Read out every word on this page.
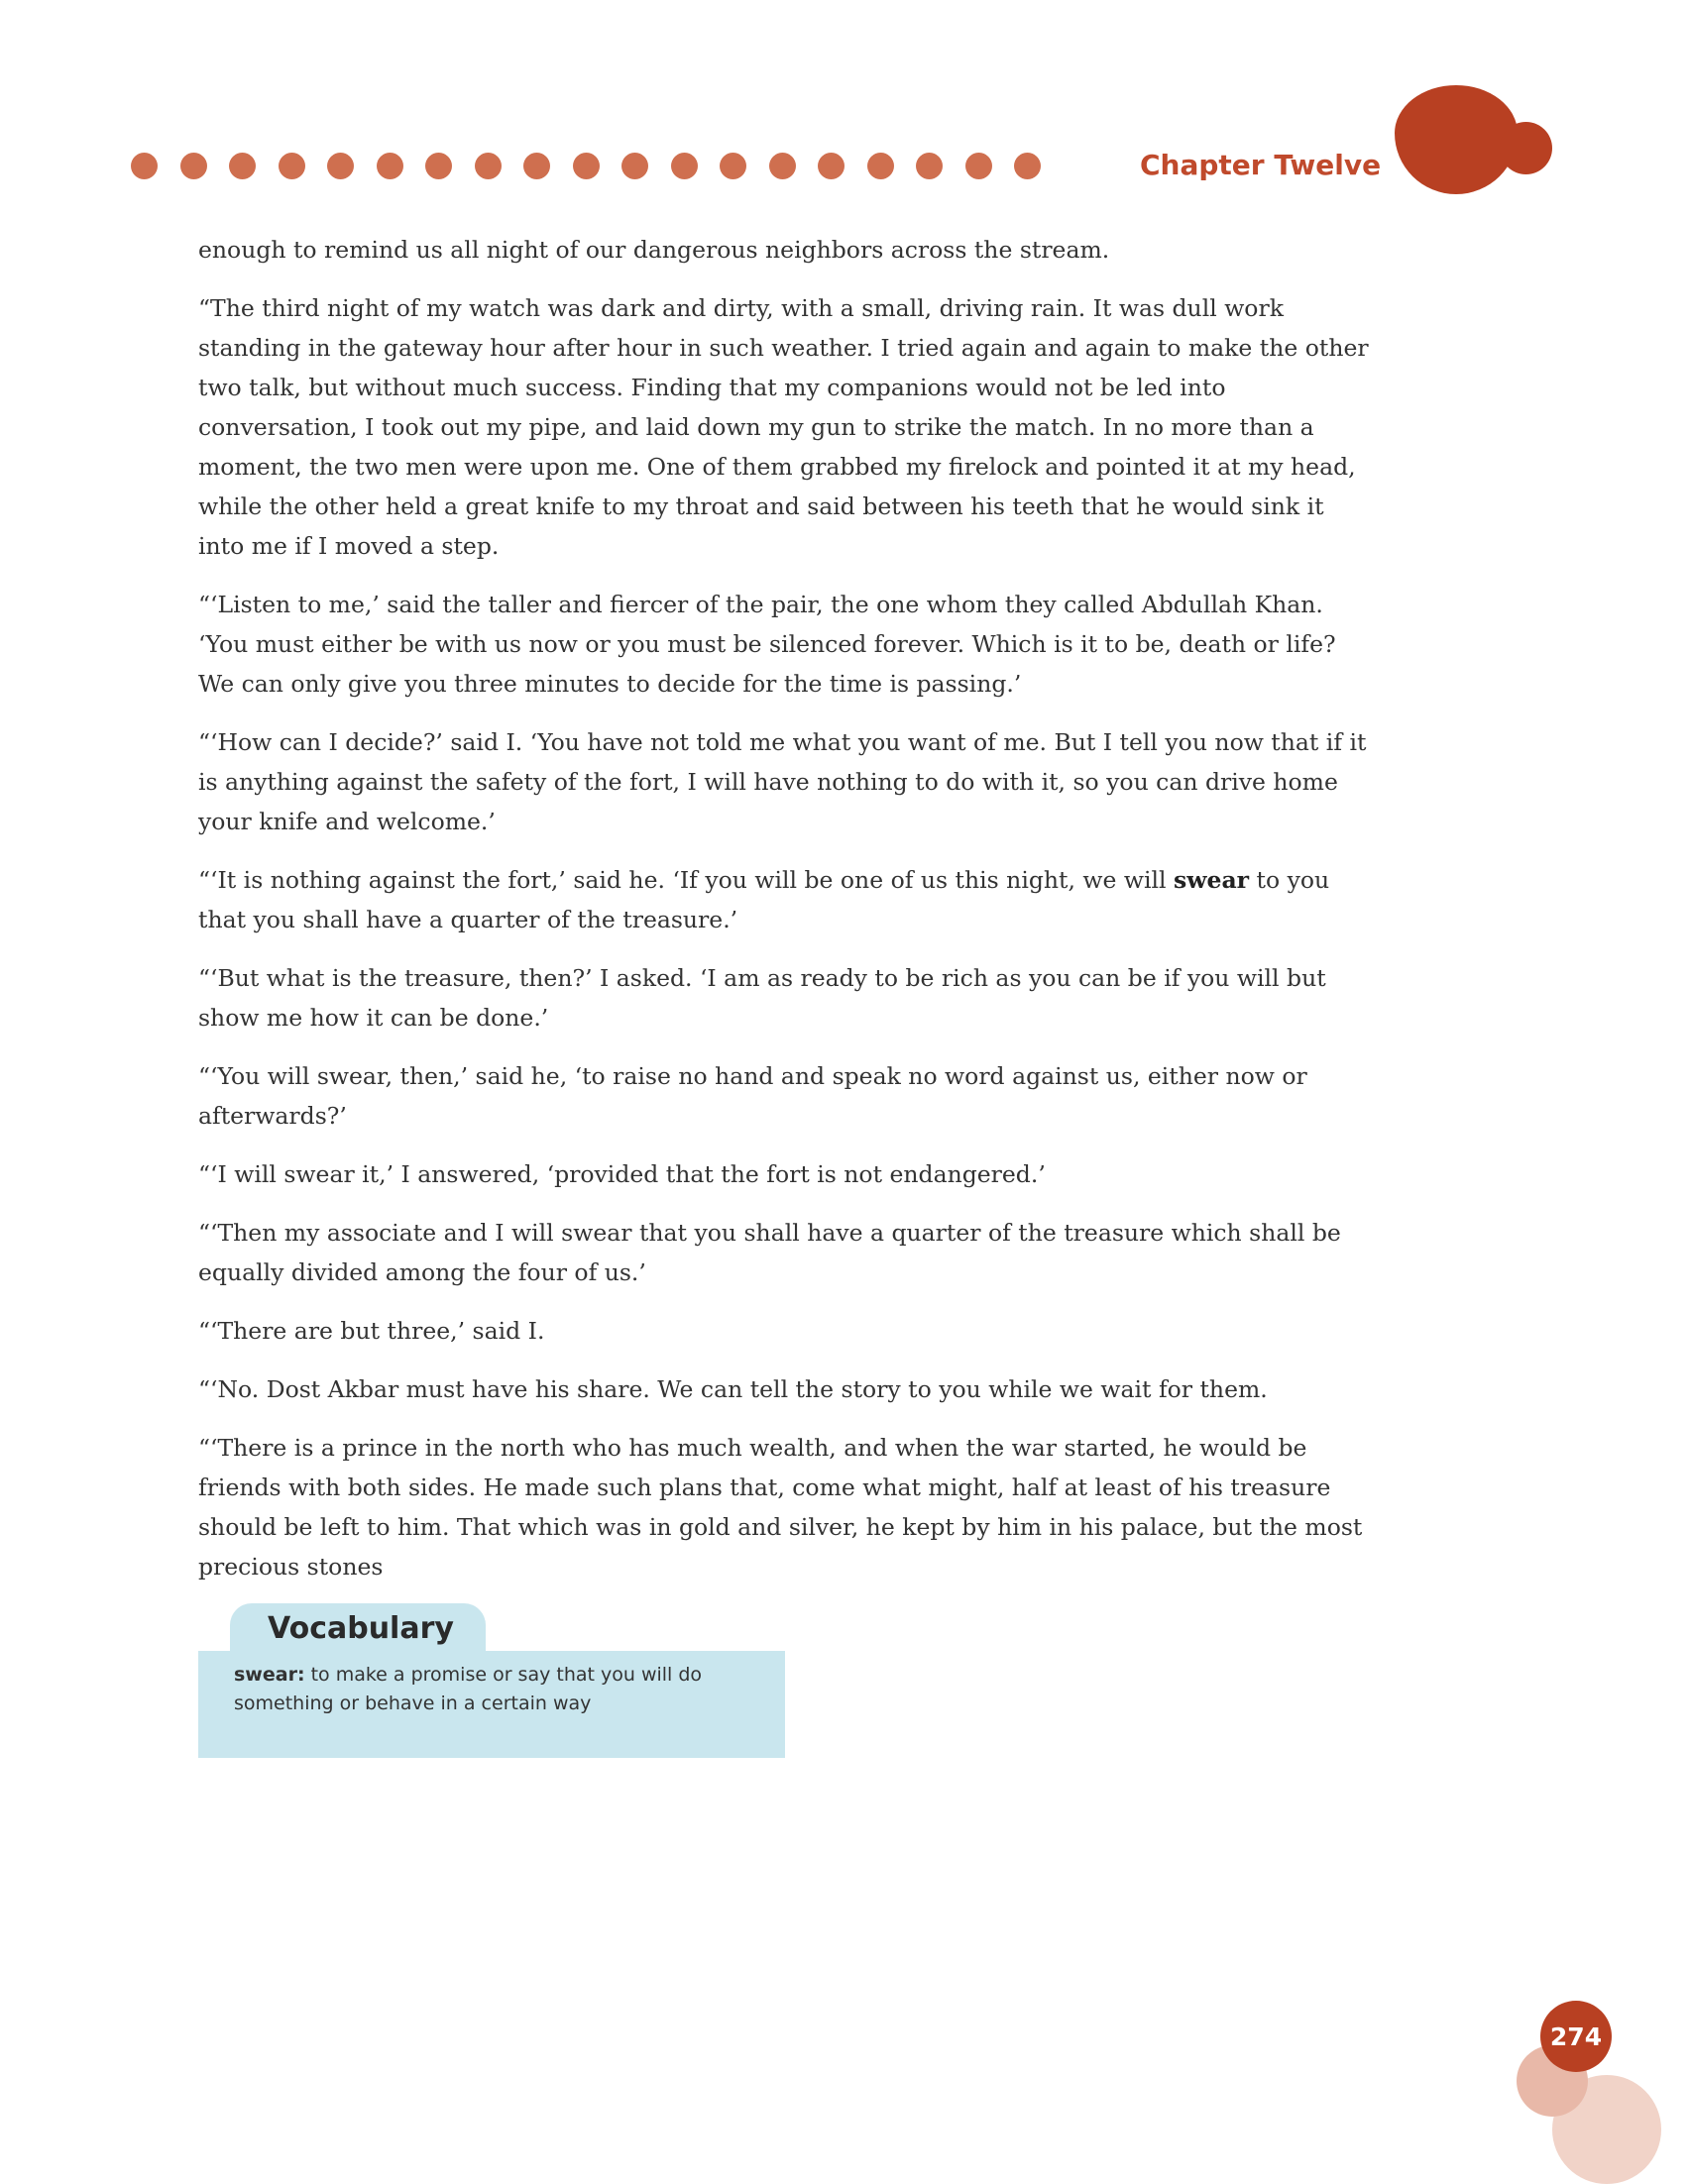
Chapter Twelve

enough to remind us all night of our dangerous neighbors across the stream.

“The third night of my watch was dark and dirty, with a small, driving rain. It was dull work standing in the gateway hour after hour in such weather. I tried again and again to make the other two talk, but without much success. Finding that my companions would not be led into conversation, I took out my pipe, and laid down my gun to strike the match. In no more than a moment, the two men were upon me. One of them grabbed my firelock and pointed it at my head, while the other held a great knife to my throat and said between his teeth that he would sink it into me if I moved a step.

“‘Listen to me,’ said the taller and fiercer of the pair, the one whom they called Abdullah Khan. ‘You must either be with us now or you must be silenced forever. Which is it to be, death or life? We can only give you three minutes to decide for the time is passing.’

“‘How can I decide?’ said I. ‘You have not told me what you want of me. But I tell you now that if it is anything against the safety of the fort, I will have nothing to do with it, so you can drive home your knife and welcome.’

“‘It is nothing against the fort,’ said he. ‘If you will be one of us this night, we will swear to you that you shall have a quarter of the treasure.’

“‘But what is the treasure, then?’ I asked. ‘I am as ready to be rich as you can be if you will but show me how it can be done.’

“‘You will swear, then,’ said he, ‘to raise no hand and speak no word against us, either now or afterwards?’

“‘I will swear it,’ I answered, ‘provided that the fort is not endangered.’

“‘Then my associate and I will swear that you shall have a quarter of the treasure which shall be equally divided among the four of us.’

“‘There are but three,’ said I.

“‘No. Dost Akbar must have his share. We can tell the story to you while we wait for them.

“‘There is a prince in the north who has much wealth, and when the war started, he would be friends with both sides. He made such plans that, come what might, half at least of his treasure should be left to him. That which was in gold and silver, he kept by him in his palace, but the most precious stones

Vocabulary
swear: to make a promise or say that you will do something or behave in a certain way
274
